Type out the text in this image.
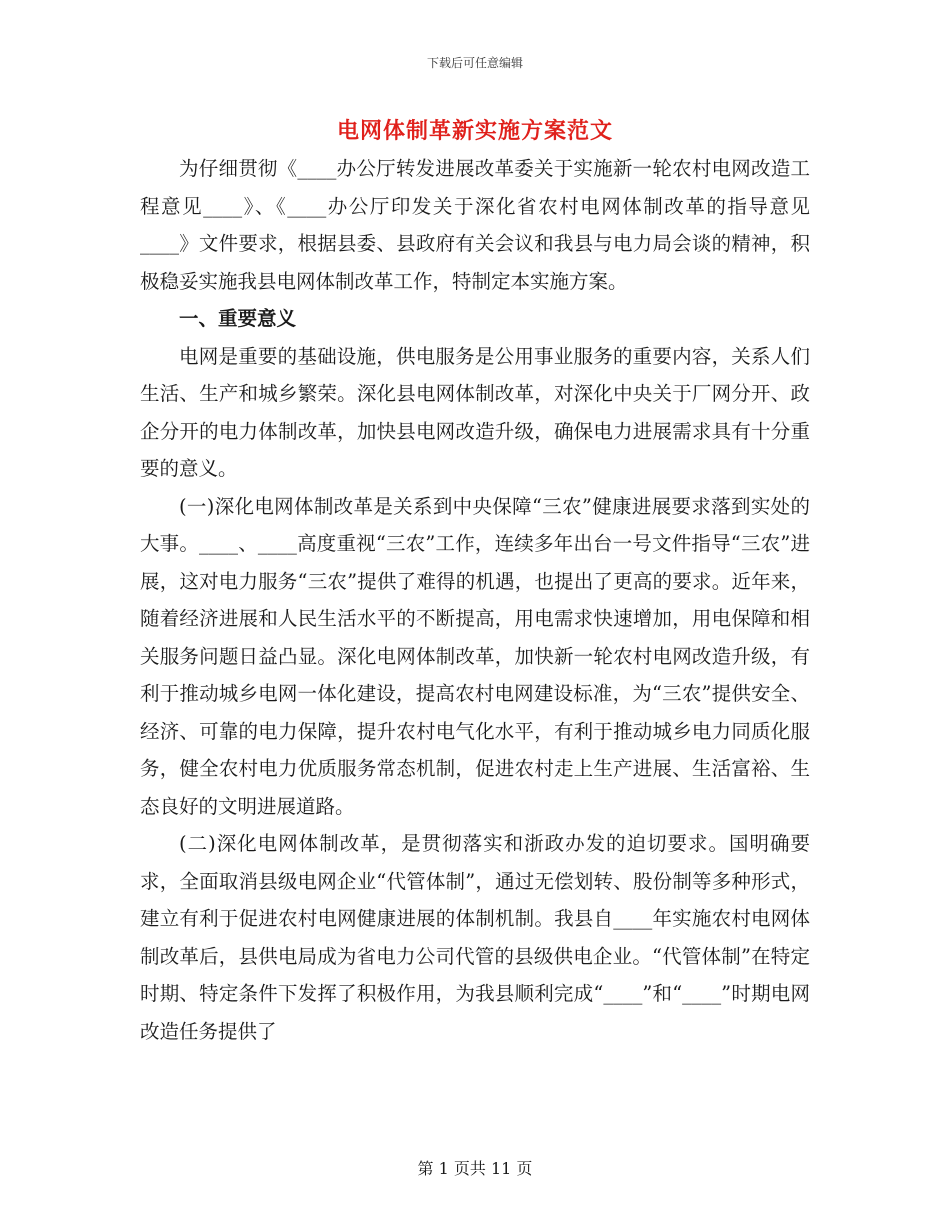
下载后可任意编辑
电网体制革新实施方案范文

为仔细贯彻《____办公厅转发进展改革委关于实施新一轮农村电网改造工程意见____》、《____办公厅印发关于深化省农村电网体制改革的指导意见____》文件要求，根据县委、县政府有关会议和我县与电力局会谈的精神，积极稳妥实施我县电网体制改革工作，特制定本实施方案。

一、重要意义

电网是重要的基础设施，供电服务是公用事业服务的重要内容，关系人们生活、生产和城乡繁荣。深化县电网体制改革，对深化中央关于厂网分开、政企分开的电力体制改革，加快县电网改造升级，确保电力进展需求具有十分重要的意义。

(一)深化电网体制改革是关系到中央保障“三农”健康进展要求落到实处的大事。____、____高度重视“三农”工作，连续多年出台一号文件指导“三农”进展，这对电力服务“三农”提供了难得的机遇，也提出了更高的要求。近年来，随着经济进展和人民生活水平的不断提高，用电需求快速增加，用电保障和相关服务问题日益凸显。深化电网体制改革，加快新一轮农村电网改造升级，有利于推动城乡电网一体化建设，提高农村电网建设标准，为“三农”提供安全、经济、可靠的电力保障，提升农村电气化水平，有利于推动城乡电力同质化服务，健全农村电力优质服务常态机制，促进农村走上生产进展、生活富裕、生态良好的文明进展道路。

(二)深化电网体制改革，是贯彻落实和浙政办发的迫切要求。国明确要求，全面取消县级电网企业“代管体制”，通过无偿划转、股份制等多种形式，建立有利于促进农村电网健康进展的体制机制。我县自____年实施农村电网体制改革后，县供电局成为省电力公司代管的县级供电企业。“代管体制”在特定时期、特定条件下发挥了积极作用，为我县顺利完成“____”和“____”时期电网改造任务提供了

第 1 页共 11 页
